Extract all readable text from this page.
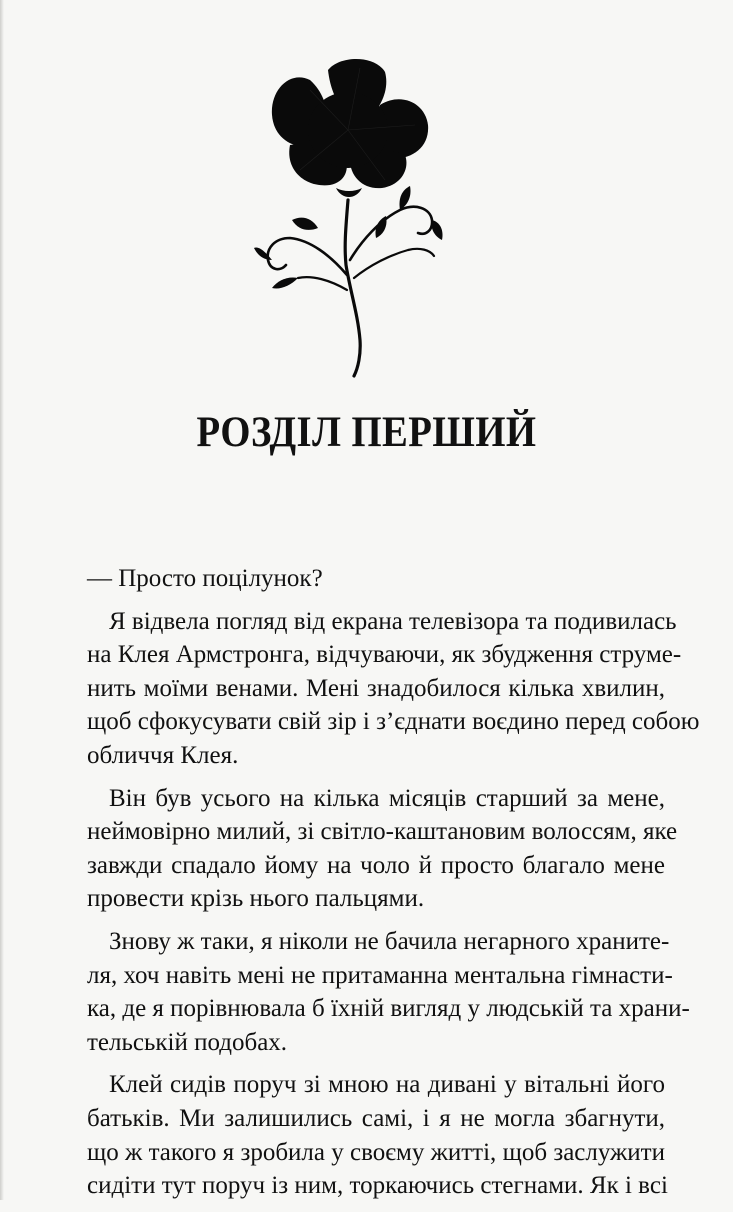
РОЗДІЛ ПЕРШИЙ

— Просто поцілунок?

Я відвела погляд від екрана телевізора та подивилась
на Клея Армстронга, відчуваючи, як збудження струме-
нить моїми венами. Мені знадобилося кілька хвилин,
щоб сфокусувати свій зір і з’єднати воєдино перед собою
обличчя Клея.

Він був усього на кілька місяців старший за мене,
неймовірно милий, зі світло-каштановим волоссям, яке
завжди спадало йому на чоло й просто благало мене
провести крізь нього пальцями.

Знову ж таки, я ніколи не бачила негарного храните-
ля, хоч навіть мені не притаманна ментальна гімнасти-
ка, де я порівнювала б їхній вигляд у людській та храни-
тельській подобах.

Клей сидів поруч зі мною на дивані у вітальні його
батьків. Ми залишились самі, і я не могла збагнути,
що ж такого я зробила у своєму житті, щоб заслужити
сидіти тут поруч із ним, торкаючись стегнами. Як і всі
